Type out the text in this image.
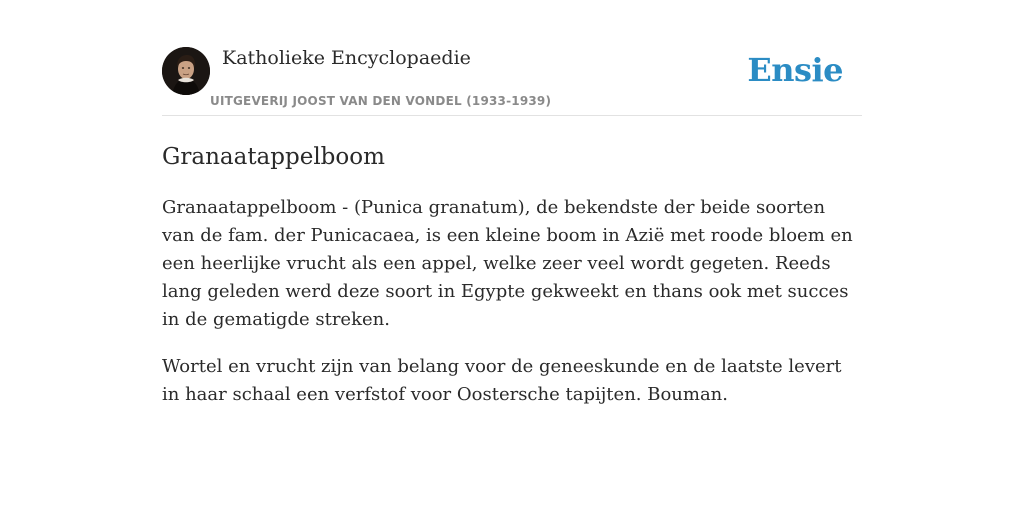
Katholieke Encyclopaedie
UITGEVERIJ JOOST VAN DEN VONDEL (1933-1939)
Ensie
Granaatappelboom

Granaatappelboom - (Punica granatum), de bekendste der beide soorten van de fam. der Punicacaea, is een kleine boom in Azië met roode bloem en een heerlijke vrucht als een appel, welke zeer veel wordt gegeten. Reeds lang geleden werd deze soort in Egypte gekweekt en thans ook met succes in de gematigde streken.

Wortel en vrucht zijn van belang voor de geneeskunde en de laatste levert in haar schaal een verfstof voor Oostersche tapijten. Bouman.
